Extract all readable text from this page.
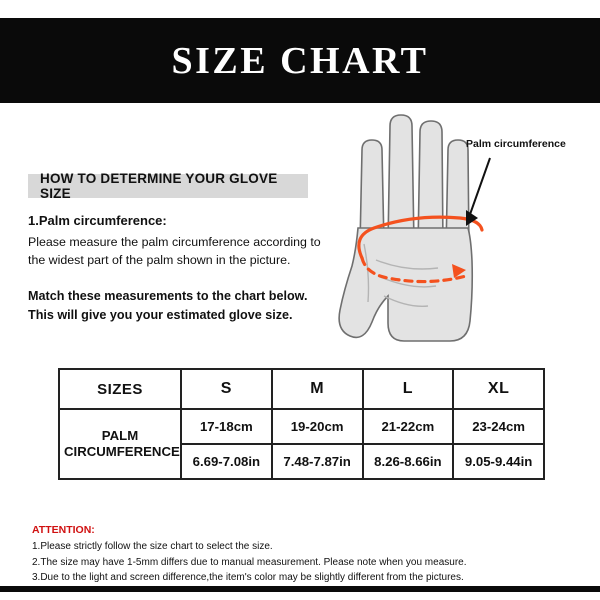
SIZE CHART
HOW TO DETERMINE YOUR GLOVE SIZE

1.Palm circumference:

Please measure the palm circumference according to

the widest part of the palm shown in the picture.

Match these measurements to the chart below.

This will give you your estimated glove size.

Palm circumference
SIZES	S	M	L	XL

PALM
CIRCUMFERENCE	17-18cm	19-20cm	21-22cm	23-24cm
	6.69-7.08in	7.48-7.87in	8.26-8.66in	9.05-9.44in

ATTENTION:

1.Please strictly follow the size chart to select the size.

2.The size may have 1-5mm differs due to manual measurement. Please note when you measure.

3.Due to the light and screen difference,the item's color may be slightly different from the pictures.
